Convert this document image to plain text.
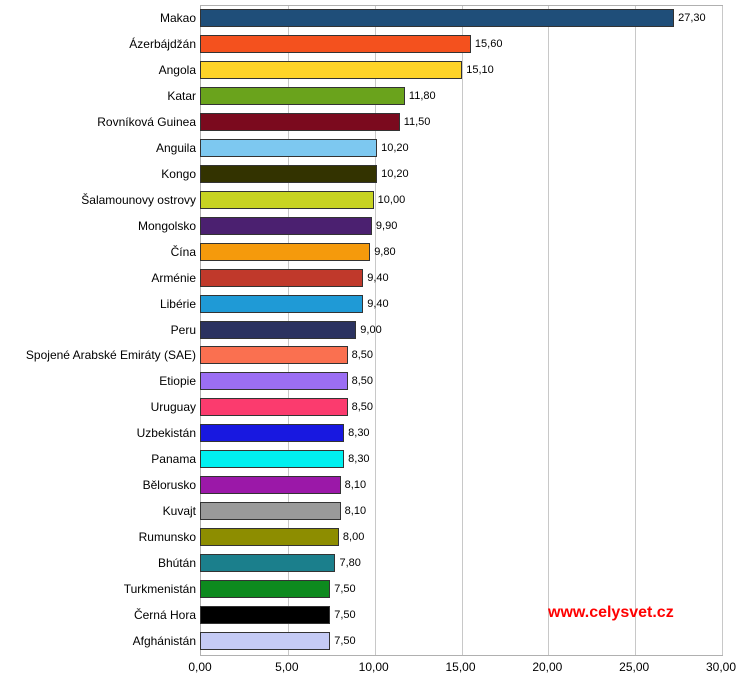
Makao
Ázerbájdžán
Angola
Katar
Rovníková Guinea
Anguila
Kongo
Šalamounovy ostrovy
Mongolsko
Čína
Arménie
Libérie
Peru
Spojené Arabské Emiráty (SAE)
Etiopie
Uruguay
Uzbekistán
Panama
Bělorusko
Kuvajt
Rumunsko
Bhútán
Turkmenistán
Černá Hora
Afghánistán
27,30
15,60
15,10
11,80
11,50
10,20
10,20
10,00
9,90
9,80
9,40
9,40
9,00
8,50
8,50
8,50
8,30
8,30
8,10
8,10
8,00
7,80
7,50
7,50
7,50
0,00	5,00	10,00	15,00	20,00	25,00	30,00
www.celysvet.cz
